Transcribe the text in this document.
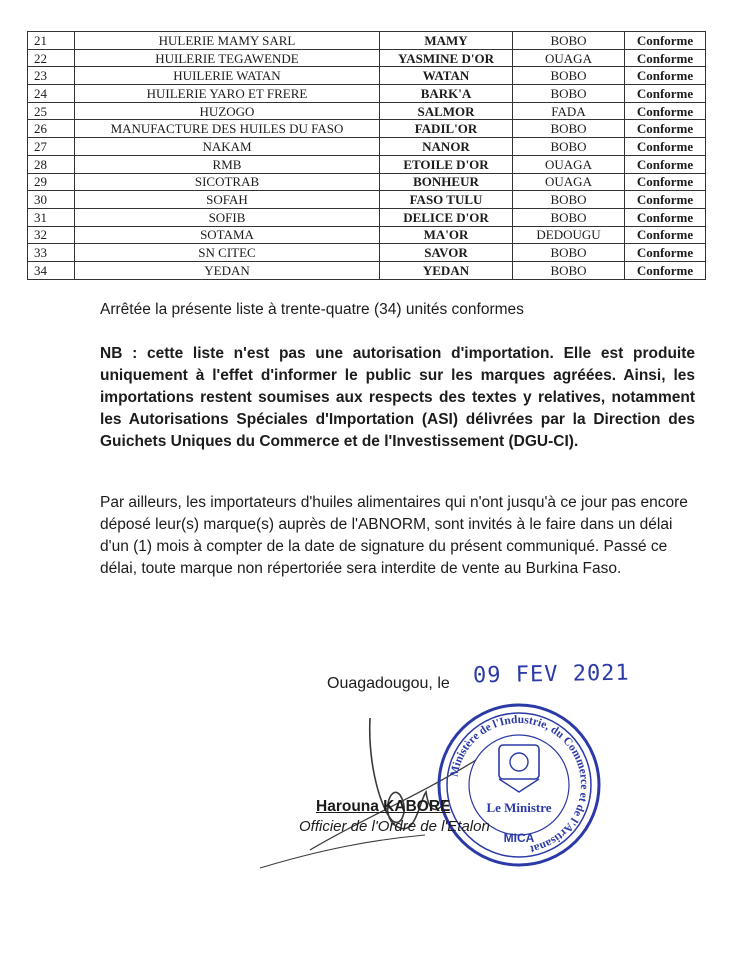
21	HULERIE MAMY SARL	MAMY	BOBO	Conforme
22	HUILERIE TEGAWENDE	YASMINE D'OR	OUAGA	Conforme
23	HUILERIE WATAN	WATAN	BOBO	Conforme
24	HUILERIE YARO ET FRERE	BARK'A	BOBO	Conforme
25	HUZOGO	SALMOR	FADA	Conforme
26	MANUFACTURE DES HUILES DU FASO	FADIL'OR	BOBO	Conforme
27	NAKAM	NANOR	BOBO	Conforme
28	RMB	ETOILE D'OR	OUAGA	Conforme
29	SICOTRAB	BONHEUR	OUAGA	Conforme
30	SOFAH	FASO TULU	BOBO	Conforme
31	SOFIB	DELICE D'OR	BOBO	Conforme
32	SOTAMA	MA'OR	DEDOUGU	Conforme
33	SN CITEC	SAVOR	BOBO	Conforme
34	YEDAN	YEDAN	BOBO	Conforme
Arrêtée la présente liste à trente-quatre (34) unités conformes
NB : cette liste n'est pas une autorisation d'importation. Elle est produite uniquement à l'effet d'informer le public sur les marques agréées. Ainsi, les importations restent soumises aux respects des textes y relatives, notamment les Autorisations Spéciales d'Importation (ASI) délivrées par la Direction des Guichets Uniques du Commerce et de l'Investissement (DGU-CI).
Par ailleurs, les importateurs d'huiles alimentaires qui n'ont jusqu'à ce jour pas encore déposé leur(s) marque(s) auprès de l'ABNORM, sont invités à le faire dans un délai d'un (1) mois à compter de la date de signature du présent communiqué. Passé ce délai, toute marque non répertoriée sera interdite de vente au Burkina Faso.
Ouagadougou, le 09 FEV 2021
Ministère de l'Industrie, du Commerce et de l'Artisanat
Le Ministre
MICA
Harouna KABORE
Officier de l'Ordre de l'Etalon
